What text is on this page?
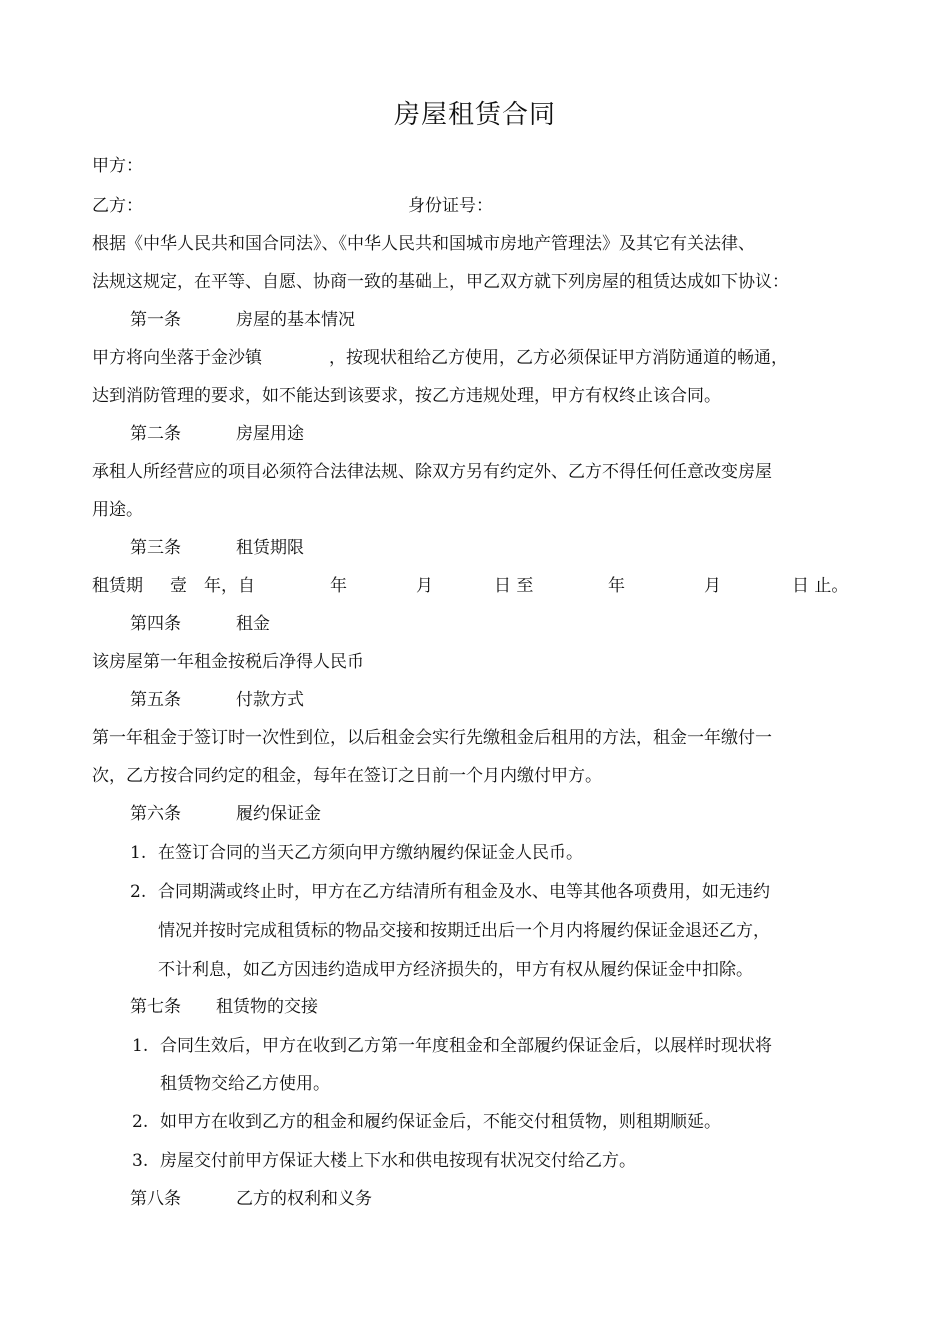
房屋租赁合同
甲方：
乙方：	身份证号：
根据《中华人民共和国合同法》、《中华人民共和国城市房地产管理法》及其它有关法律、
法规这规定，在平等、自愿、协商一致的基础上，甲乙双方就下列房屋的租赁达成如下协议：
第一条	房屋的基本情况
甲方将向坐落于金沙镇	，按现状租给乙方使用，乙方必须保证甲方消防通道的畅通，
达到消防管理的要求，如不能达到该要求，按乙方违规处理，甲方有权终止该合同。
第二条	房屋用途
承租人所经营应的项目必须符合法律法规、除双方另有约定外、乙方不得任何任意改变房屋
用途。
第三条	租赁期限
租赁期 壹 年，自	年	月	日 至	年	月	日 止。
第四条	租金
该房屋第一年租金按税后净得人民币
第五条	付款方式
第一年租金于签订时一次性到位，以后租金会实行先缴租金后租用的方法，租金一年缴付一
次，乙方按合同约定的租金，每年在签订之日前一个月内缴付甲方。
第六条	履约保证金
1. 在签订合同的当天乙方须向甲方缴纳履约保证金人民币。
2. 合同期满或终止时，甲方在乙方结清所有租金及水、电等其他各项费用，如无违约
情况并按时完成租赁标的物品交接和按期迁出后一个月内将履约保证金退还乙方，
不计利息，如乙方因违约造成甲方经济损失的，甲方有权从履约保证金中扣除。
第七条 租赁物的交接
1. 合同生效后，甲方在收到乙方第一年度租金和全部履约保证金后，以展样时现状将
租赁物交给乙方使用。
2. 如甲方在收到乙方的租金和履约保证金后，不能交付租赁物，则租期顺延。
3. 房屋交付前甲方保证大楼上下水和供电按现有状况交付给乙方。
第八条	乙方的权利和义务
